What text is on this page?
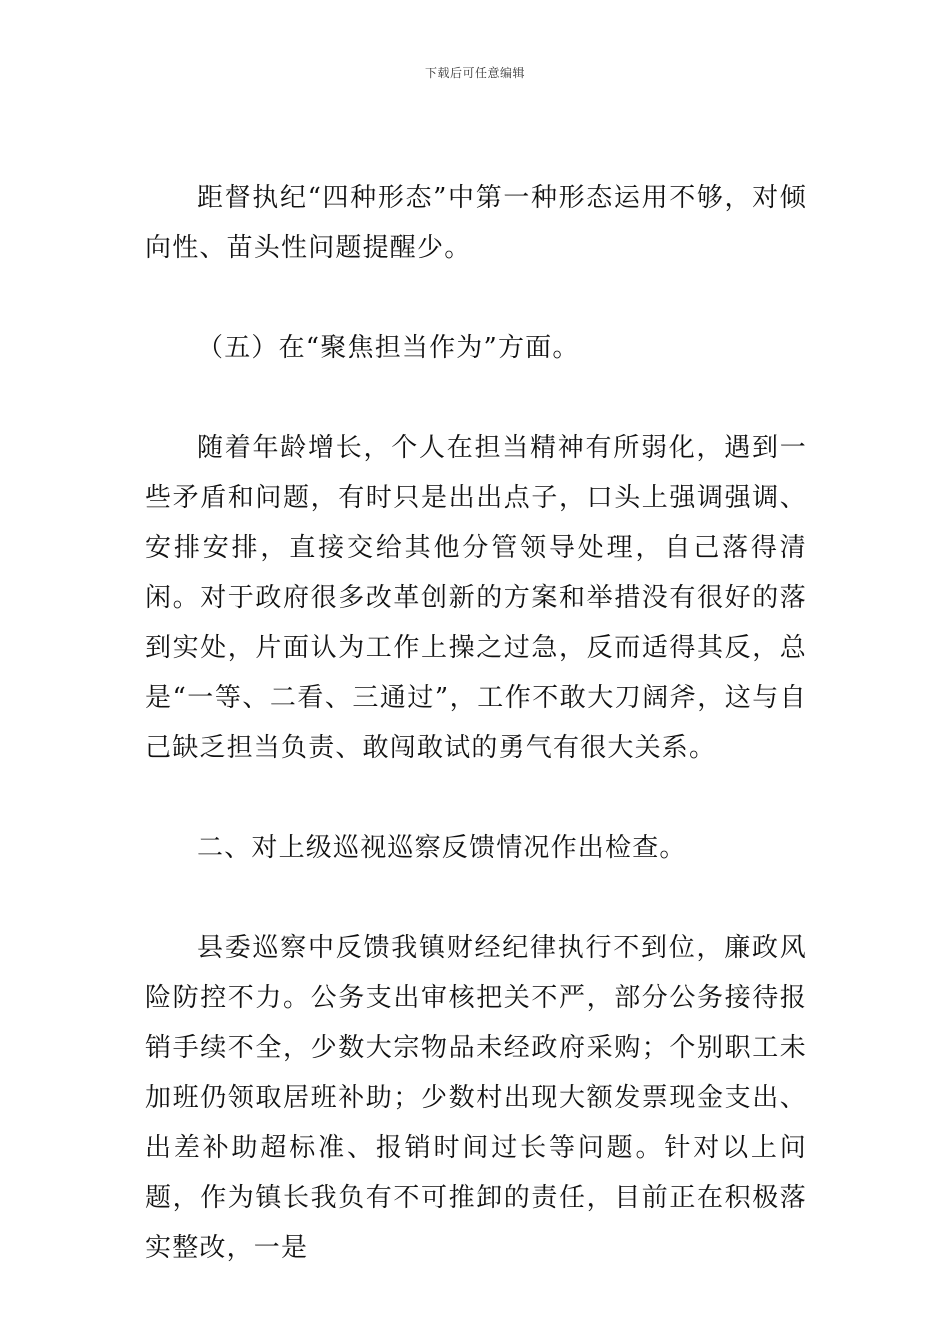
下载后可任意编辑

距督执纪“四种形态”中第一种形态运用不够，对倾向性、苗头性问题提醒少。

（五）在“聚焦担当作为”方面。

随着年龄增长，个人在担当精神有所弱化，遇到一些矛盾和问题，有时只是出出点子，口头上强调强调、安排安排，直接交给其他分管领导处理，自己落得清闲。对于政府很多改革创新的方案和举措没有很好的落到实处，片面认为工作上操之过急，反而适得其反，总是“一等、二看、三通过”，工作不敢大刀阔斧，这与自己缺乏担当负责、敢闯敢试的勇气有很大关系。

二、对上级巡视巡察反馈情况作出检查。

县委巡察中反馈我镇财经纪律执行不到位，廉政风险防控不力。公务支出审核把关不严，部分公务接待报销手续不全，少数大宗物品未经政府采购；个别职工未加班仍领取居班补助；少数村出现大额发票现金支出、出差补助超标准、报销时间过长等问题。针对以上问题，作为镇长我负有不可推卸的责任，目前正在积极落实整改，一是
